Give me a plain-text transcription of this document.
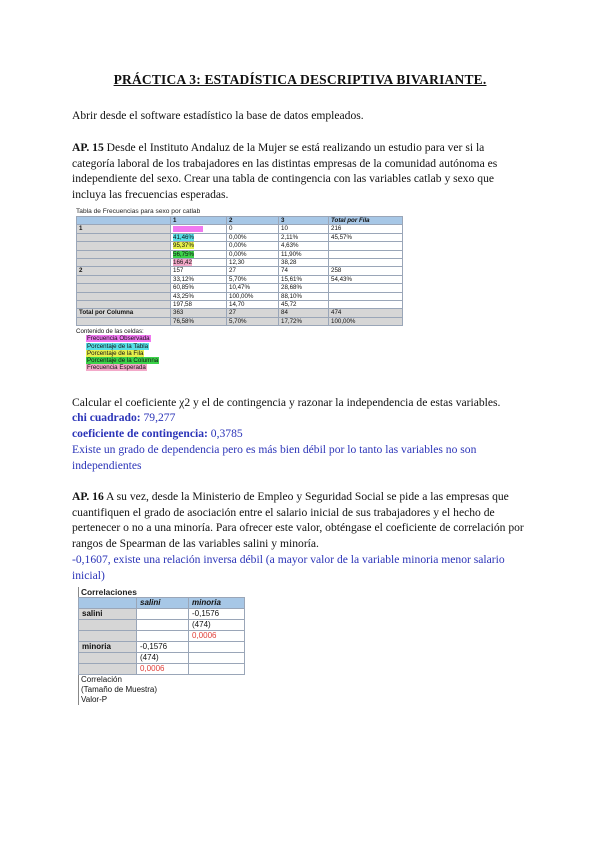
PRÁCTICA 3: ESTADÍSTICA DESCRIPTIVA BIVARIANTE.
Abrir desde el software estadístico la base de datos empleados.
AP. 15 Desde el Instituto Andaluz de la Mujer se está realizando un estudio para ver si la categoría laboral de los trabajadores en las distintas empresas de la comunidad autónoma es independiente del sexo. Crear una tabla de contingencia con las variables catlab y sexo que incluya las frecuencias esperadas.
Tabla de Frecuencias para sexo por catlab
	1	2	3	Total por Fila
1		0	10	216
	41,46%	0,00%	2,11%	45,57%
	95,37%	0,00%	4,63%	
	56,75%	0,00%	11,90%	
	166,42	12,30	38,28	
2	157	27	74	258
	33,12%	5,70%	15,61%	54,43%
	60,85%	10,47%	28,68%	
	43,25%	100,00%	88,10%	
	197,58	14,70	45,72	
Total por Columna	363	27	84	474
	76,58%	5,70%	17,72%	100,00%
Contenido de las celdas:
Frecuencia Observada
Porcentaje de la Tabla
Porcentaje de la Fila
Porcentaje de la Columna
Frecuencia Esperada
Calcular el coeficiente χ2 y el de contingencia y razonar la independencia de estas variables.
chi cuadrado: 79,277
coeficiente de contingencia: 0,3785
Existe un grado de dependencia pero es más bien débil por lo tanto las variables no son independientes
AP. 16 A su vez, desde la Ministerio de Empleo y Seguridad Social se pide a las empresas que cuantifiquen el grado de asociación entre el salario inicial de sus trabajadores y el hecho de pertenecer o no a una minoría. Para ofrecer este valor, obténgase el coeficiente de correlación por rangos de Spearman de las variables salini y minoría.
-0,1607, existe una relación inversa débil (a mayor valor de la variable minoria menor salario inicial)
Correlaciones
	salini	minoria
salini		-0,1576
		(474)
		0,0006
minoria	-0,1576	
	(474)	
	0,0006	
Correlación
(Tamaño de Muestra)
Valor-P
